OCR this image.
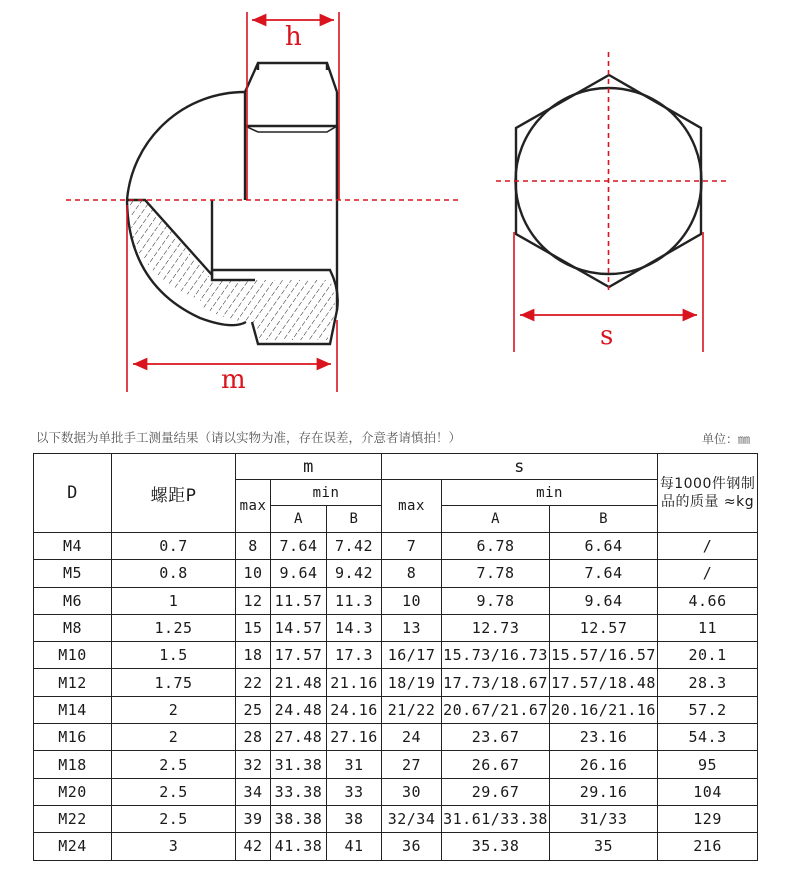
h
m
s
以下数据为单批手工测量结果（请以实物为准，存在误差，介意者请慎拍！）	单位：㎜
D	螺距P	m			s			每1000件钢制品的质量 ≈kg
		max	min		max	min		
			A	B		A	B	
M4	0.7	8	7.64	7.42	7	6.78	6.64	/
M5	0.8	10	9.64	9.42	8	7.78	7.64	/
M6	1	12	11.57	11.3	10	9.78	9.64	4.66
M8	1.25	15	14.57	14.3	13	12.73	12.57	11
M10	1.5	18	17.57	17.3	16/17	15.73/16.73	15.57/16.57	20.1
M12	1.75	22	21.48	21.16	18/19	17.73/18.67	17.57/18.48	28.3
M14	2	25	24.48	24.16	21/22	20.67/21.67	20.16/21.16	57.2
M16	2	28	27.48	27.16	24	23.67	23.16	54.3
M18	2.5	32	31.38	31	27	26.67	26.16	95
M20	2.5	34	33.38	33	30	29.67	29.16	104
M22	2.5	39	38.38	38	32/34	31.61/33.38	31/33	129
M24	3	42	41.38	41	36	35.38	35	216
